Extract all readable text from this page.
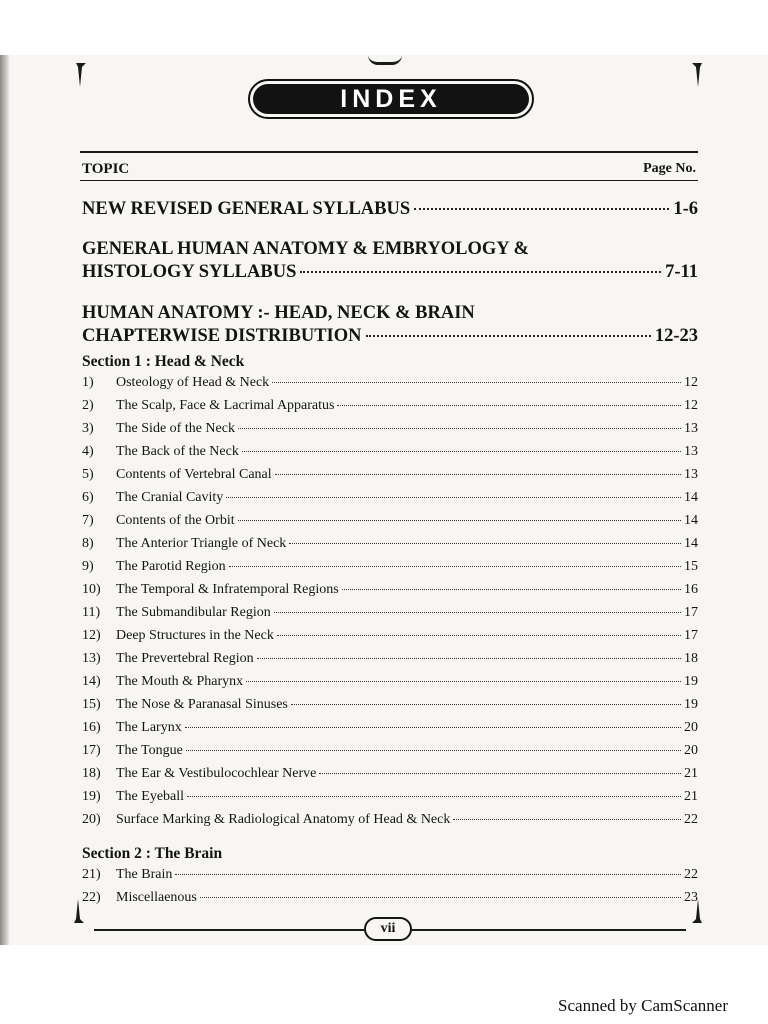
INDEX
TOPIC	Page No.
NEW REVISED GENERAL SYLLABUS	1-6
GENERAL HUMAN ANATOMY & EMBRYOLOGY &
HISTOLOGY SYLLABUS	7-11
HUMAN ANATOMY :- HEAD, NECK & BRAIN
CHAPTERWISE DISTRIBUTION	12-23
Section 1 : Head & Neck
1)	Osteology of Head & Neck	12
2)	The Scalp, Face & Lacrimal Apparatus	12
3)	The Side of the Neck	13
4)	The Back of the Neck	13
5)	Contents of Vertebral Canal	13
6)	The Cranial Cavity	14
7)	Contents of the Orbit	14
8)	The Anterior Triangle of Neck	14
9)	The Parotid Region	15
10)	The Temporal & Infratemporal Regions	16
11)	The Submandibular Region	17
12)	Deep Structures in the Neck	17
13)	The Prevertebral Region	18
14)	The Mouth & Pharynx	19
15)	The Nose & Paranasal Sinuses	19
16)	The Larynx	20
17)	The Tongue	20
18)	The Ear & Vestibulocochlear Nerve	21
19)	The Eyeball	21
20)	Surface Marking & Radiological Anatomy of Head & Neck	22
Section 2 : The Brain
21)	The Brain	22
22)	Miscellaenous	23
vii
Scanned by CamScanner
